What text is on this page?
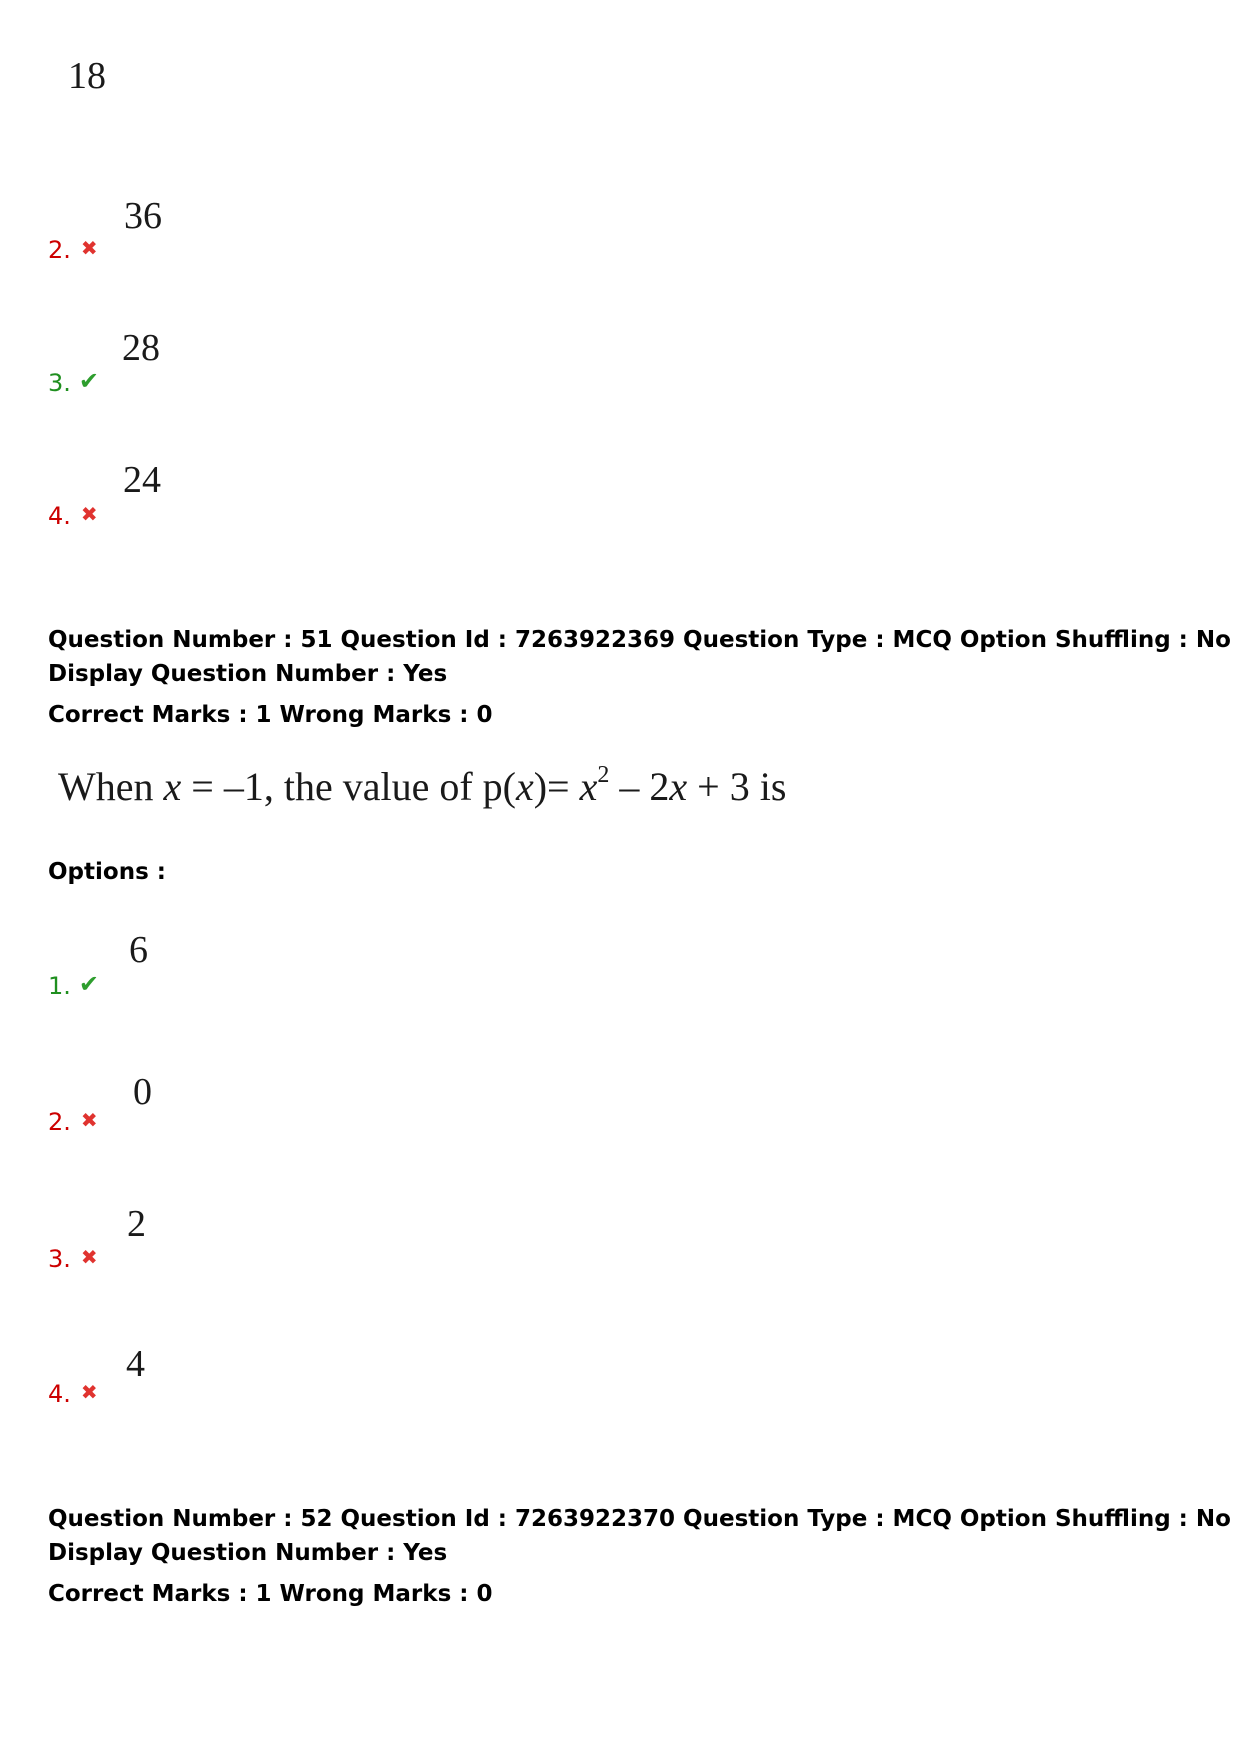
18
2. ✖
36
3. ✔
28
4. ✖
24
Question Number : 51 Question Id : 7263922369 Question Type : MCQ Option Shuffling : No
Display Question Number : Yes
Correct Marks : 1 Wrong Marks : 0
When x = –1, the value of $p(x)= x^2 - 2x + 3$ is
Options :
1. ✔
6
2. ✖
0
3. ✖
2
4. ✖
4
Question Number : 52 Question Id : 7263922370 Question Type : MCQ Option Shuffling : No
Display Question Number : Yes
Correct Marks : 1 Wrong Marks : 0
